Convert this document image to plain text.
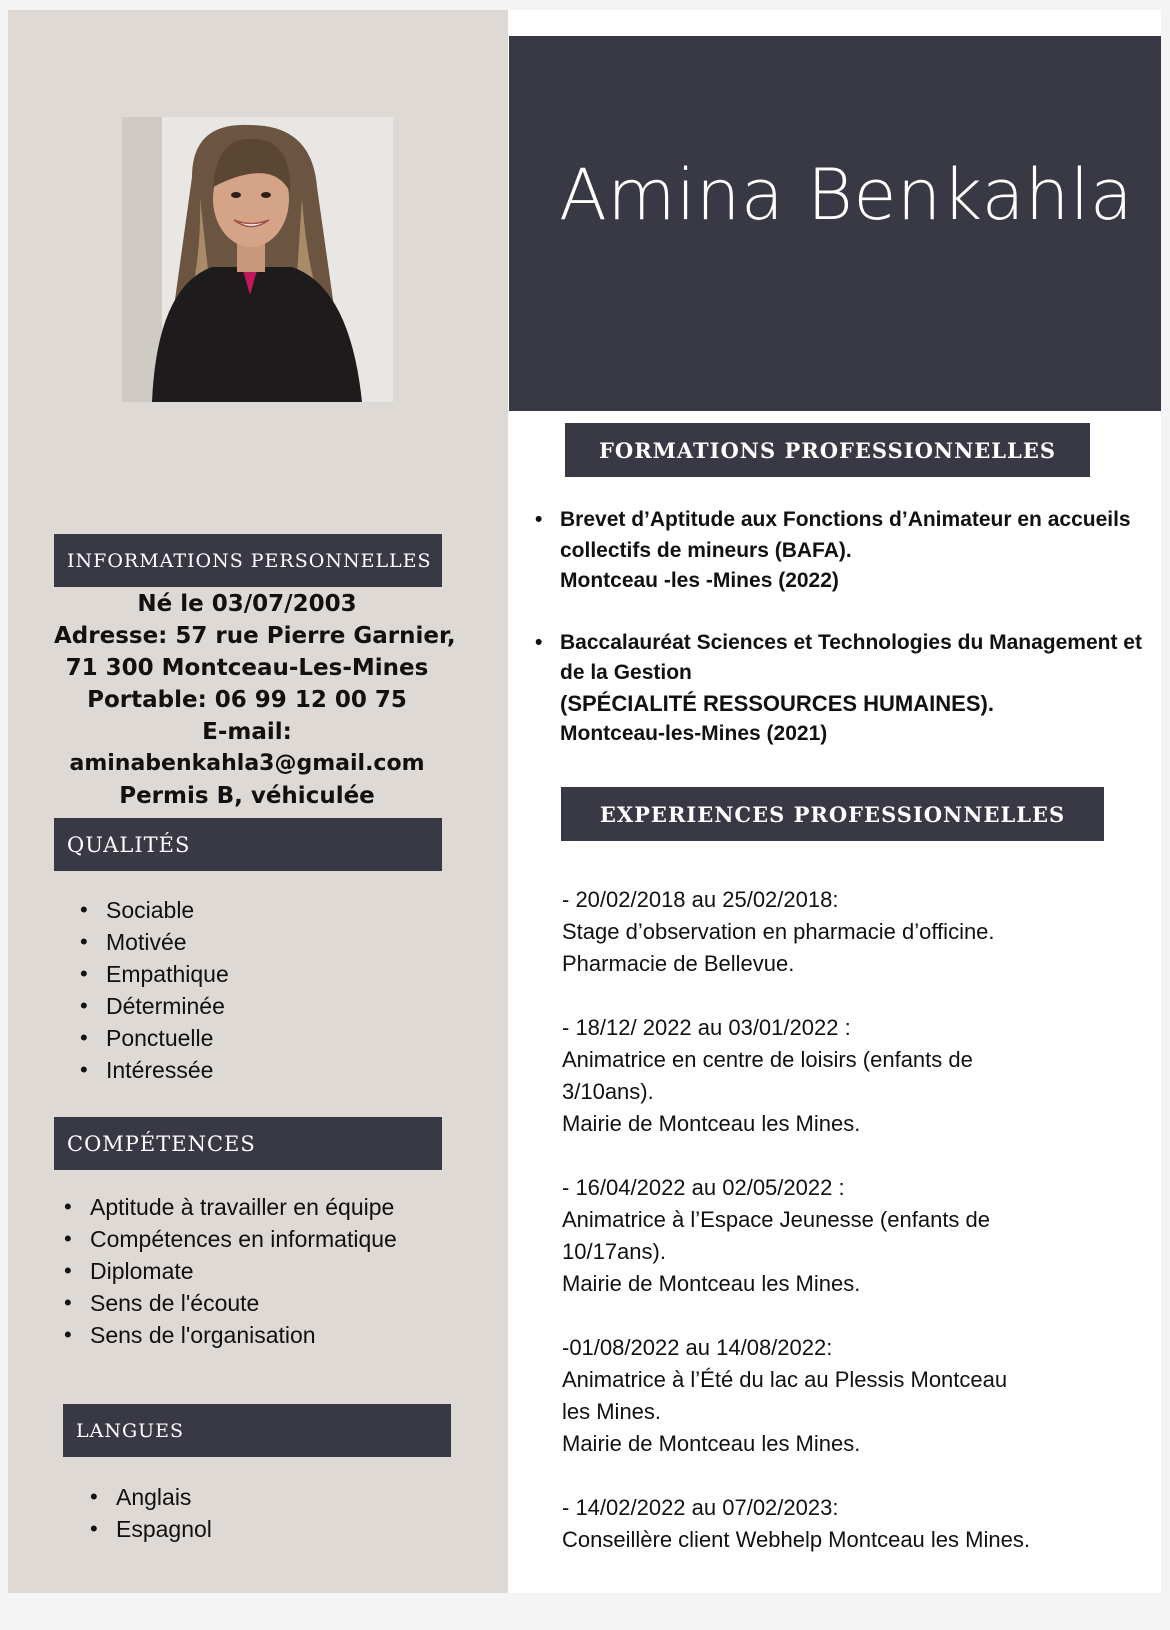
Amina Benkahla
INFORMATIONS PERSONNELLES
Né le 03/07/2003
Adresse: 57 rue Pierre Garnier,
71 300 Montceau-Les-Mines
Portable: 06 99 12 00 75
E-mail:
aminabenkahla3@gmail.com
Permis B, véhiculée
QUALITÉS
• Sociable
• Motivée
• Empathique
• Déterminée
• Ponctuelle
• Intéressée
COMPÉTENCES
• Aptitude à travailler en équipe
• Compétences en informatique
• Diplomate
• Sens de l'écoute
• Sens de l'organisation
LANGUES
• Anglais
• Espagnol
FORMATIONS PROFESSIONNELLES
• Brevet d’Aptitude aux Fonctions d’Animateur en accueils
collectifs de mineurs (BAFA).
Montceau -les -Mines (2022)
• Baccalauréat Sciences et Technologies du Management et
de la Gestion
(SPÉCIALITÉ RESSOURCES HUMAINES).
Montceau-les-Mines (2021)
EXPERIENCES PROFESSIONNELLES
- 20/02/2018 au 25/02/2018:
Stage d’observation en pharmacie d’officine.
Pharmacie de Bellevue.
- 18/12/ 2022 au 03/01/2022 :
Animatrice en centre de loisirs (enfants de
3/10ans).
Mairie de Montceau les Mines.
- 16/04/2022 au 02/05/2022 :
Animatrice à l’Espace Jeunesse (enfants de
10/17ans).
Mairie de Montceau les Mines.
-01/08/2022 au 14/08/2022:
Animatrice à l’Été du lac au Plessis Montceau
les Mines.
Mairie de Montceau les Mines.
- 14/02/2022 au 07/02/2023:
Conseillère client Webhelp Montceau les Mines.
